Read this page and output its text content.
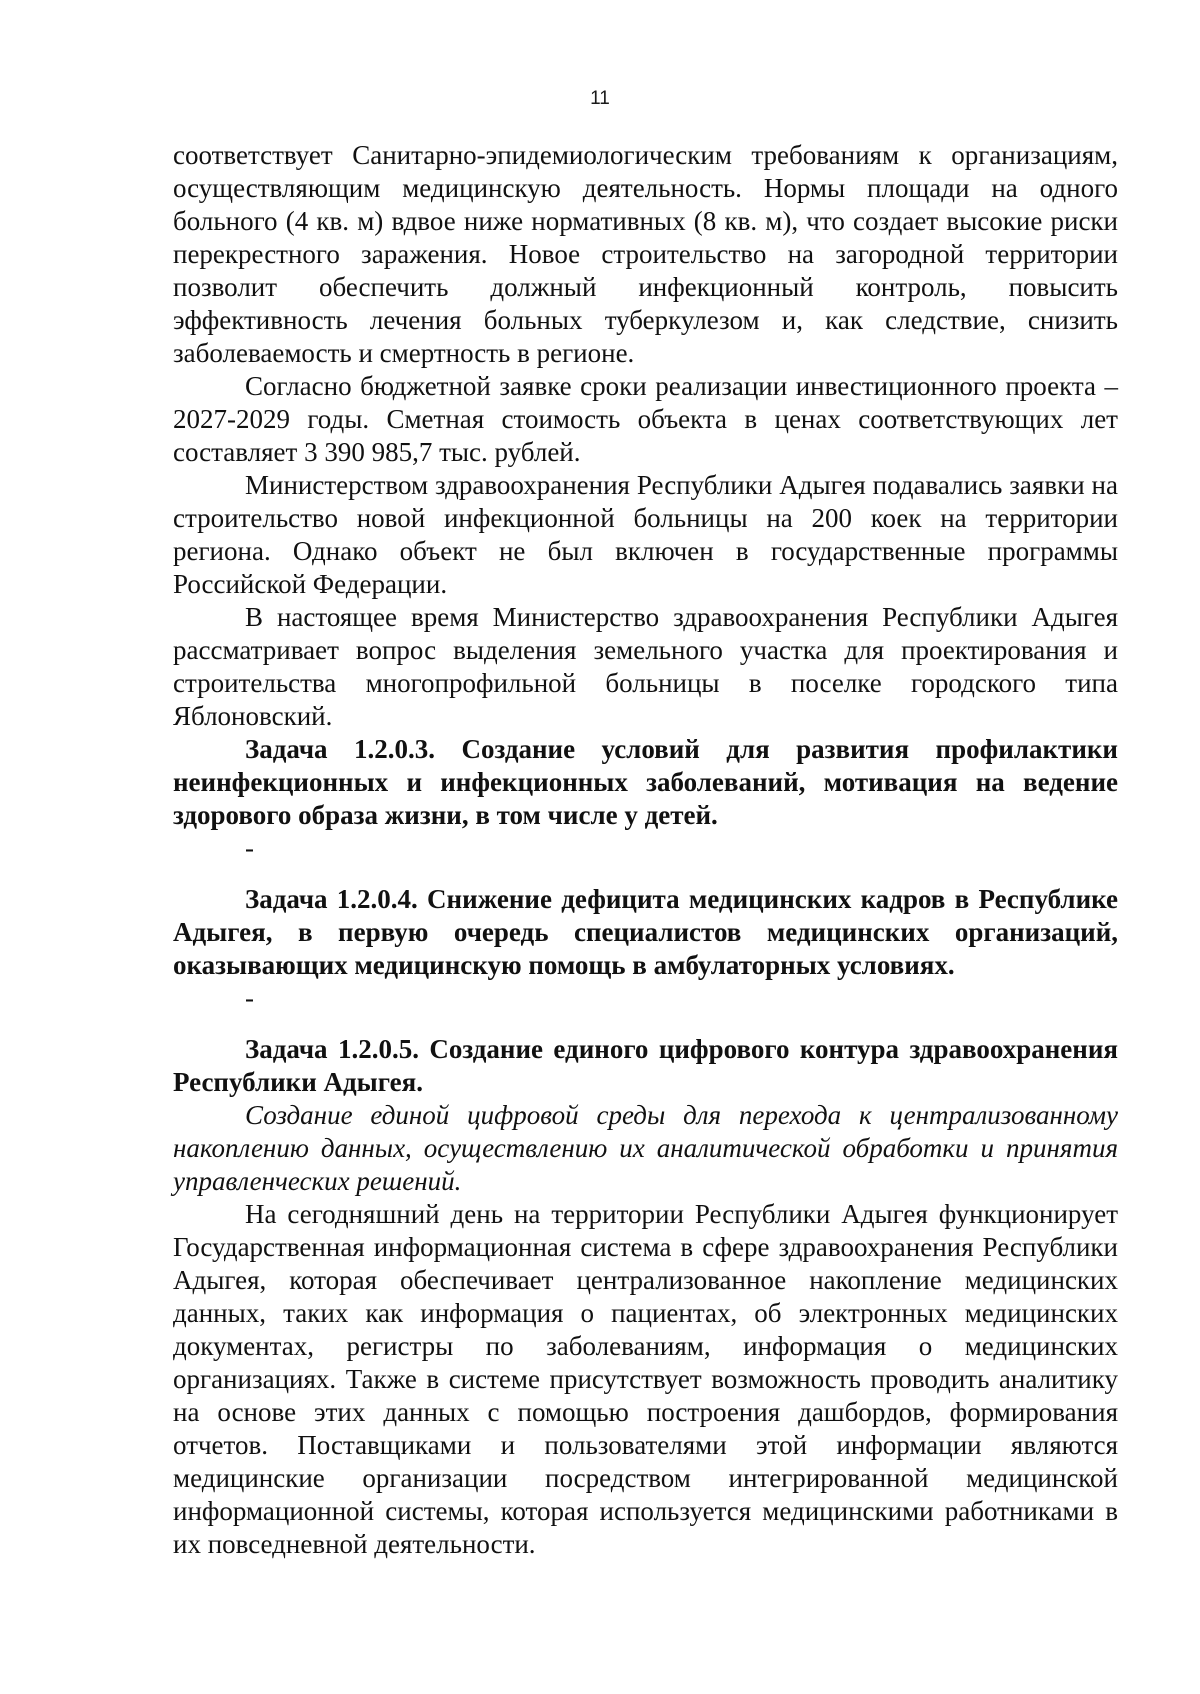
11

соответствует Санитарно-эпидемиологическим требованиям к организациям, осуществляющим медицинскую деятельность. Нормы площади на одного больного (4 кв. м) вдвое ниже нормативных (8 кв. м), что создает высокие риски перекрестного заражения. Новое строительство на загородной территории позволит обеспечить должный инфекционный контроль, повысить эффективность лечения больных туберкулезом и, как следствие, снизить заболеваемость и смертность в регионе.

Согласно бюджетной заявке сроки реализации инвестиционного проекта – 2027-2029 годы. Сметная стоимость объекта в ценах соответствующих лет составляет 3 390 985,7 тыс. рублей.

Министерством здравоохранения Республики Адыгея подавались заявки на строительство новой инфекционной больницы на 200 коек на территории региона. Однако объект не был включен в государственные программы Российской Федерации.

В настоящее время Министерство здравоохранения Республики Адыгея рассматривает вопрос выделения земельного участка для проектирования и строительства многопрофильной больницы в поселке городского типа Яблоновский.

Задача 1.2.0.3. Создание условий для развития профилактики неинфекционных и инфекционных заболеваний, мотивация на ведение здорового образа жизни, в том числе у детей.

-

Задача 1.2.0.4. Снижение дефицита медицинских кадров в Республике Адыгея, в первую очередь специалистов медицинских организаций, оказывающих медицинскую помощь в амбулаторных условиях.

-

Задача 1.2.0.5. Создание единого цифрового контура здравоохранения Республики Адыгея.

Создание единой цифровой среды для перехода к централизованному накоплению данных, осуществлению их аналитической обработки и принятия управленческих решений.

На сегодняшний день на территории Республики Адыгея функционирует Государственная информационная система в сфере здравоохранения Республики Адыгея, которая обеспечивает централизованное накопление медицинских данных, таких как информация о пациентах, об электронных медицинских документах, регистры по заболеваниям, информация о медицинских организациях. Также в системе присутствует возможность проводить аналитику на основе этих данных с помощью построения дашбордов, формирования отчетов. Поставщиками и пользователями этой информации являются медицинские организации посредством интегрированной медицинской информационной системы, которая используется медицинскими работниками в их повседневной деятельности.
